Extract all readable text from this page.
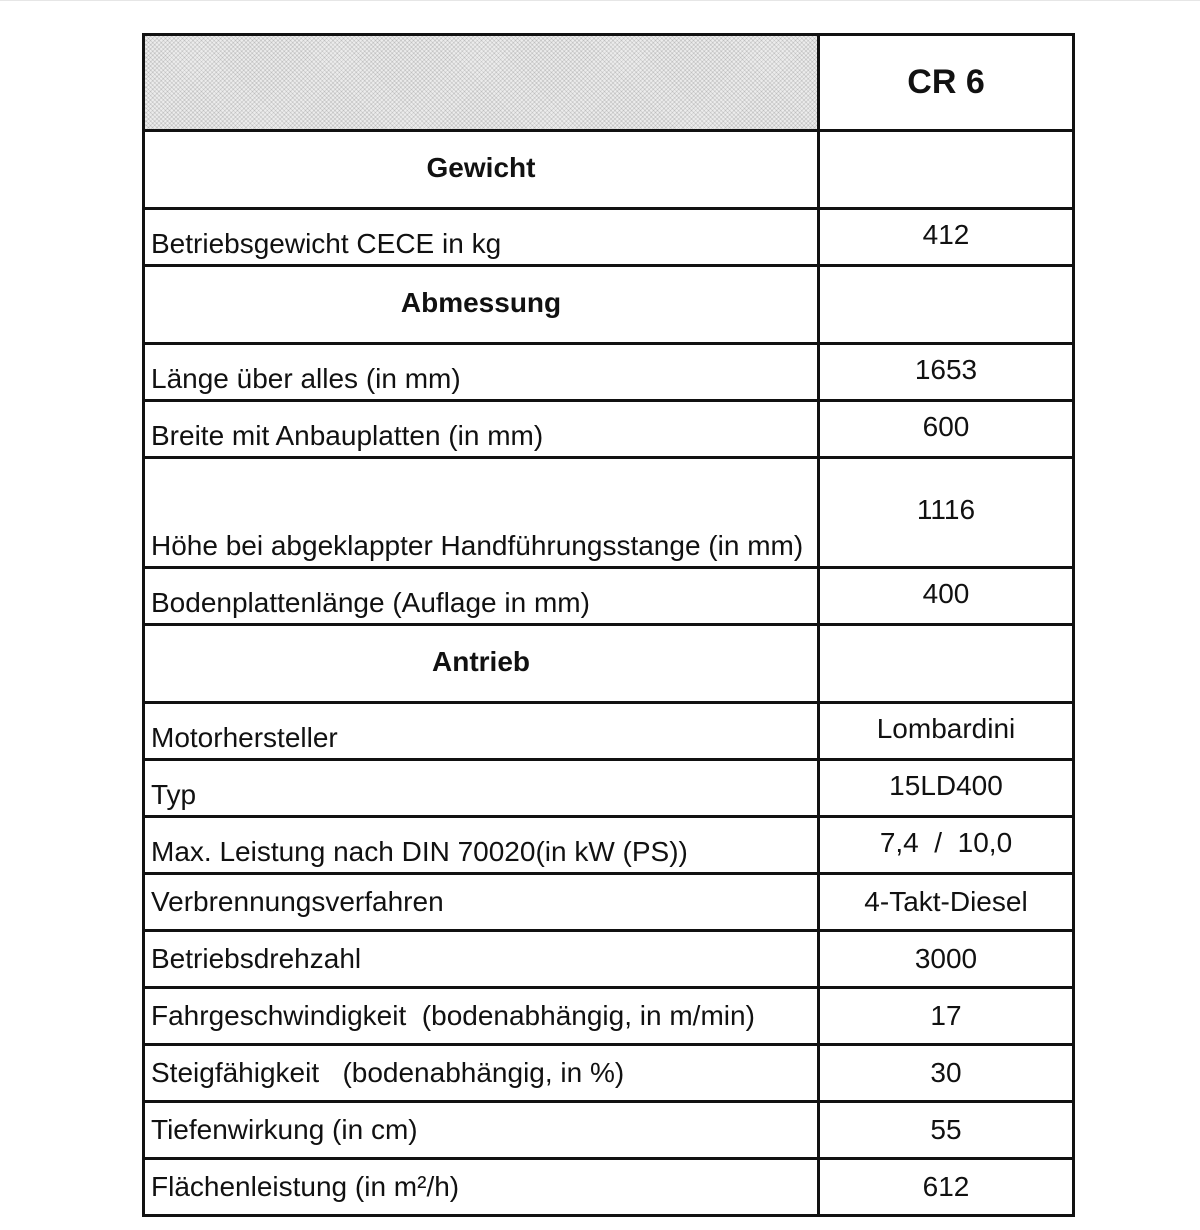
	CR 6
Gewicht	
Betriebsgewicht CECE in kg	412
Abmessung	
Länge über alles (in mm)	1653
Breite mit Anbauplatten (in mm)	600
Höhe bei abgeklappter Handführungsstange (in mm)	1116
Bodenplattenlänge (Auflage in mm)	400
Antrieb	
Motorhersteller	Lombardini
Typ	15LD400
Max. Leistung nach DIN 70020(in kW (PS))	7,4  /  10,0
Verbrennungsverfahren	4-Takt-Diesel
Betriebsdrehzahl	3000
Fahrgeschwindigkeit  (bodenabhängig, in m/min)	17
Steigfähigkeit   (bodenabhängig, in %)	30
Tiefenwirkung (in cm)	55
Flächenleistung (in m²/h)	612
